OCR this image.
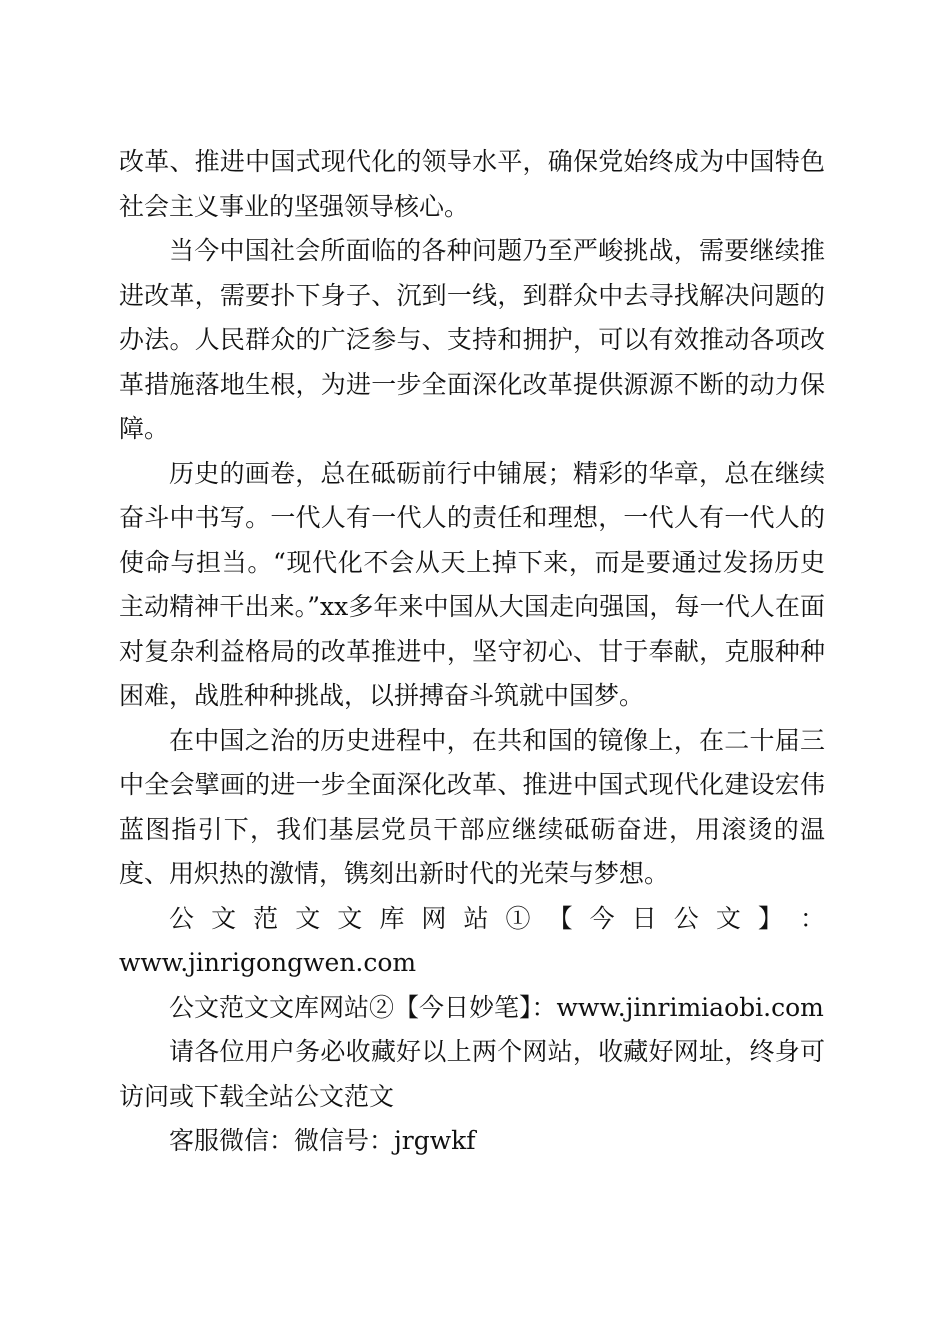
改革、推进中国式现代化的领导水平，确保党始终成为中国特色社会主义事业的坚强领导核心。

当今中国社会所面临的各种问题乃至严峻挑战，需要继续推进改革，需要扑下身子、沉到一线，到群众中去寻找解决问题的办法。人民群众的广泛参与、支持和拥护，可以有效推动各项改革措施落地生根，为进一步全面深化改革提供源源不断的动力保障。

历史的画卷，总在砥砺前行中铺展；精彩的华章，总在继续奋斗中书写。一代人有一代人的责任和理想，一代人有一代人的使命与担当。“现代化不会从天上掉下来，而是要通过发扬历史主动精神干出来。”xx多年来中国从大国走向强国，每一代人在面对复杂利益格局的改革推进中，坚守初心、甘于奉献，克服种种困难，战胜种种挑战，以拼搏奋斗筑就中国梦。

在中国之治的历史进程中，在共和国的镜像上，在二十届三中全会擘画的进一步全面深化改革、推进中国式现代化建设宏伟蓝图指引下，我们基层党员干部应继续砥砺奋进，用滚烫的温度、用炽热的激情，镌刻出新时代的光荣与梦想。

公 文 范 文 文 库 网 站 ① 【 今 日 公 文 】 ：

www.jinrigongwen.com

公文范文文库网站②【今日妙笔】：www.jinrimiaobi.com

请各位用户务必收藏好以上两个网站，收藏好网址，终身可访问或下载全站公文范文

客服微信：微信号：jrgwkf
